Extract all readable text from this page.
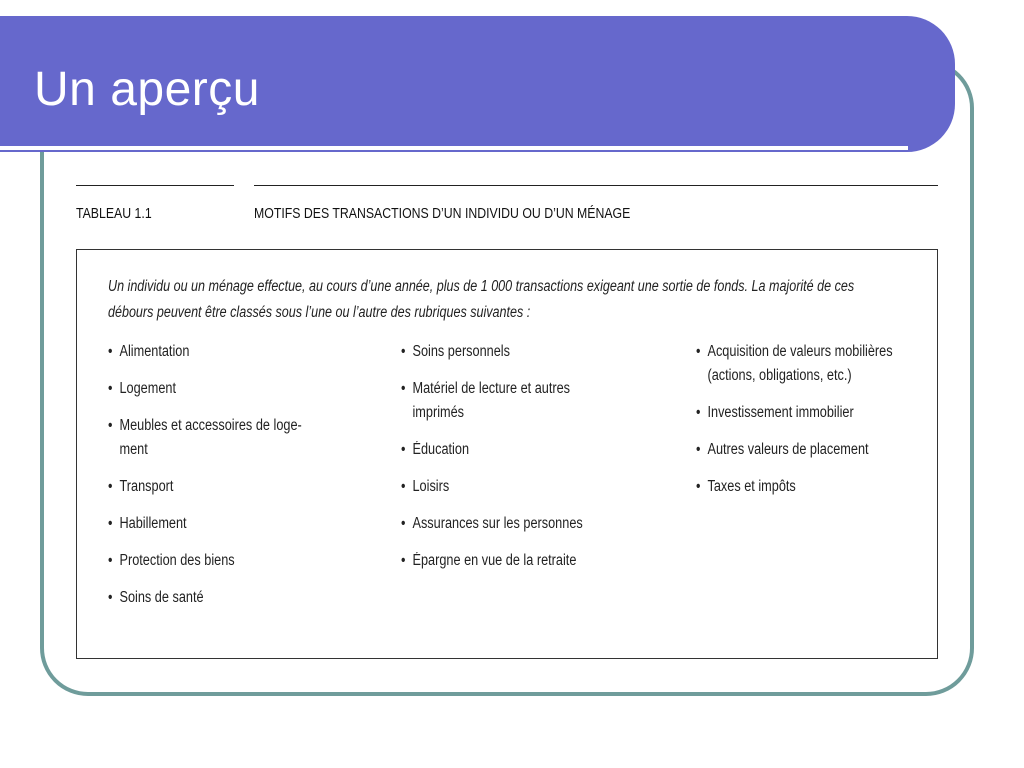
Un aperçu
TABLEAU 1.1	MOTIFS DES TRANSACTIONS D’UN INDIVIDU OU D’UN MÉNAGE
Un individu ou un ménage effectue, au cours d’une année, plus de 1 000 transactions exigeant une sortie de fonds. La majorité de ces
débours peuvent être classés sous l’une ou l’autre des rubriques suivantes :
• Alimentation
• Logement
• Meubles et accessoires de loge-
ment
• Transport
• Habillement
• Protection des biens
• Soins de santé
• Soins personnels
• Matériel de lecture et autres
imprimés
• Éducation
• Loisirs
• Assurances sur les personnes
• Épargne en vue de la retraite
• Acquisition de valeurs mobilières
(actions, obligations, etc.)
• Investissement immobilier
• Autres valeurs de placement
• Taxes et impôts
